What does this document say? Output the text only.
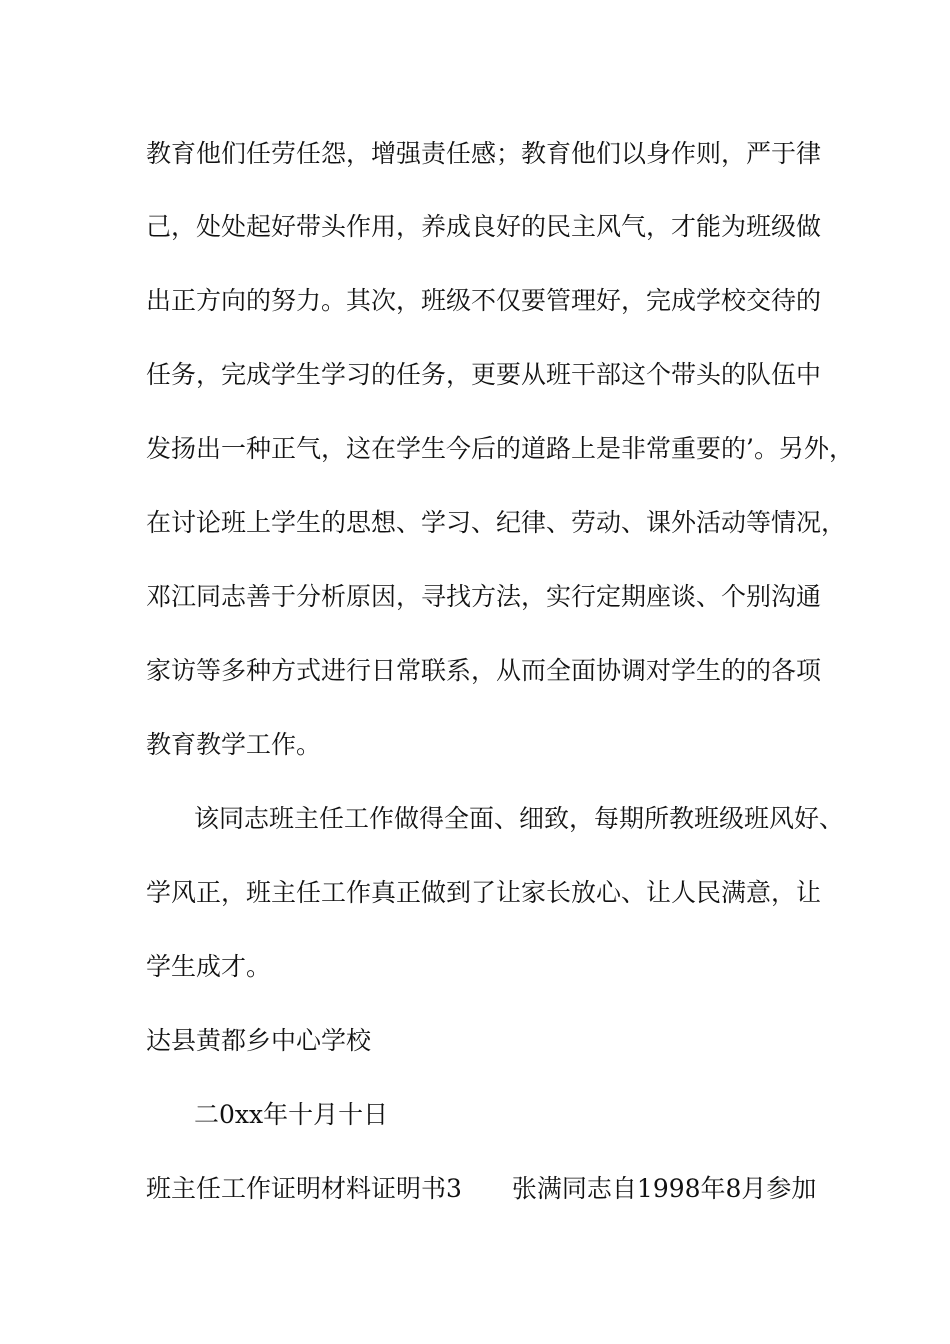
教育他们任劳任怨，增强责任感；教育他们以身作则，严于律
己，处处起好带头作用，养成良好的民主风气，才能为班级做
出正方向的努力。其次，班级不仅要管理好，完成学校交待的
任务，完成学生学习的任务，更要从班干部这个带头的队伍中
发扬出一种正气，这在学生今后的道路上是非常重要的’。另外，
在讨论班上学生的思想、学习、纪律、劳动、课外活动等情况，
邓江同志善于分析原因，寻找方法，实行定期座谈、个别沟通
家访等多种方式进行日常联系，从而全面协调对学生的的各项
教育教学工作。
该同志班主任工作做得全面、细致，每期所教班级班风好、
学风正，班主任工作真正做到了让家长放心、让人民满意，让
学生成才。
达县黄都乡中心学校
二0xx年十月十日
班主任工作证明材料证明书3　　张满同志自1998年8月参加
